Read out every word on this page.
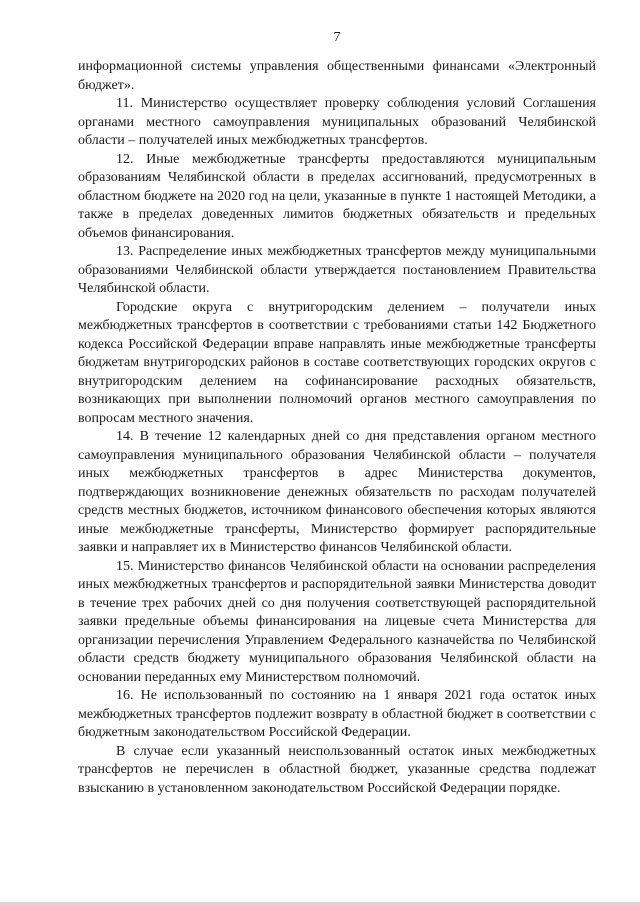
7

информационной системы управления общественными финансами «Электронный бюджет».

11. Министерство осуществляет проверку соблюдения условий Соглашения органами местного самоуправления муниципальных образований Челябинской области – получателей иных межбюджетных трансфертов.

12. Иные межбюджетные трансферты предоставляются муниципальным образованиям Челябинской области в пределах ассигнований, предусмотренных в областном бюджете на 2020 год на цели, указанные в пункте 1 настоящей Методики, а также в пределах доведенных лимитов бюджетных обязательств и предельных объемов финансирования.

13. Распределение иных межбюджетных трансфертов между муниципальными образованиями Челябинской области утверждается постановлением Правительства Челябинской области.

Городские округа с внутригородским делением – получатели иных межбюджетных трансфертов в соответствии с требованиями статьи 142 Бюджетного кодекса Российской Федерации вправе направлять иные межбюджетные трансферты бюджетам внутригородских районов в составе соответствующих городских округов с внутригородским делением на софинансирование расходных обязательств, возникающих при выполнении полномочий органов местного самоуправления по вопросам местного значения.

14. В течение 12 календарных дней со дня представления органом местного самоуправления муниципального образования Челябинской области – получателя иных межбюджетных трансфертов в адрес Министерства документов, подтверждающих возникновение денежных обязательств по расходам получателей средств местных бюджетов, источником финансового обеспечения которых являются иные межбюджетные трансферты, Министерство формирует распорядительные заявки и направляет их в Министерство финансов Челябинской области.

15. Министерство финансов Челябинской области на основании распределения иных межбюджетных трансфертов и распорядительной заявки Министерства доводит в течение трех рабочих дней со дня получения соответствующей распорядительной заявки предельные объемы финансирования на лицевые счета Министерства для организации перечисления Управлением Федерального казначейства по Челябинской области средств бюджету муниципального образования Челябинской области на основании переданных ему Министерством полномочий.

16. Не использованный по состоянию на 1 января 2021 года остаток иных межбюджетных трансфертов подлежит возврату в областной бюджет в соответствии с бюджетным законодательством Российской Федерации.

В случае если указанный неиспользованный остаток иных межбюджетных трансфертов не перечислен в областной бюджет, указанные средства подлежат взысканию в установленном законодательством Российской Федерации порядке.
